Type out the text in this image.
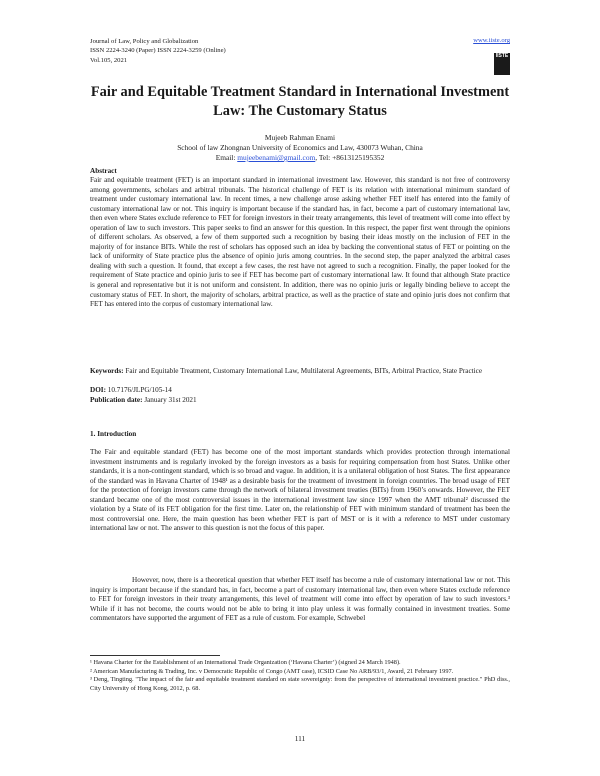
Journal of Law, Policy and Globalization
ISSN 2224-3240 (Paper) ISSN 2224-3259 (Online)
Vol.105, 2021
www.iiste.org
IISTE
Fair and Equitable Treatment Standard in International Investment Law: The Customary Status
Mujeeb Rahman Enami
School of law Zhongnan University of Economics and Law, 430073 Wuhan, China
Email: mujeebenami@gmail.com, Tel: +8613125195352
Abstract

Fair and equitable treatment (FET) is an important standard in international investment law. However, this standard is not free of controversy among governments, scholars and arbitral tribunals. The historical challenge of FET is its relation with international minimum standard of treatment under customary international law. In recent times, a new challenge arose asking whether FET itself has entered into the family of customary international law or not. This inquiry is important because if the standard has, in fact, become a part of customary international law, then even where States exclude reference to FET for foreign investors in their treaty arrangements, this level of treatment will come into effect by operation of law to such investors. This paper seeks to find an answer for this question. In this respect, the paper first went through the opinions of different scholars. As observed, a few of them supported such a recognition by basing their ideas mostly on the inclusion of FET in the majority of for instance BITs. While the rest of scholars has opposed such an idea by backing the conventional status of FET or pointing on the lack of uniformity of State practice plus the absence of opinio juris among countries. In the second step, the paper analyzed the arbitral cases dealing with such a question. It found, that except a few cases, the rest have not agreed to such a recognition. Finally, the paper looked for the requirement of State practice and opinio juris to see if FET has become part of customary international law. It found that although State practice is general and representative but it is not uniform and consistent. In addition, there was no opinio juris or legally binding believe to accept the customary status of FET. In short, the majority of scholars, arbitral practice, as well as the practice of state and opinio juris does not confirm that FET has entered into the corpus of customary international law.

Keywords: Fair and Equitable Treatment, Customary International Law, Multilateral Agreements, BITs, Arbitral Practice, State Practice
DOI: 10.7176/JLPG/105-14
Publication date: January 31st 2021
1. Introduction

The Fair and equitable standard (FET) has become one of the most important standards which provides protection through international investment instruments and is regularly invoked by the foreign investors as a basis for requiring compensation from host States. Unlike other standards, it is a non-contingent standard, which is so broad and vague. In addition, it is a unilateral obligation of host States. The first appearance of the standard was in Havana Charter of 1948¹ as a desirable basis for the treatment of investment in foreign countries. The broad usage of FET for the protection of foreign investors came through the network of bilateral investment treaties (BITs) from 1960’s onwards. However, the FET standard became one of the most controversial issues in the international investment law since 1997 when the AMT tribunal² discussed the violation by a State of its FET obligation for the first time. Later on, the relationship of FET with minimum standard of treatment has been the most controversial one. Here, the main question has been whether FET is part of MST or is it with a reference to MST under customary international law or not. The answer to this question is not the focus of this paper.

However, now, there is a theoretical question that whether FET itself has become a rule of customary international law or not. This inquiry is important because if the standard has, in fact, become a part of customary international law, then even where States exclude reference to FET for foreign investors in their treaty arrangements, this level of treatment will come into effect by operation of law to such investors.³ While if it has not become, the courts would not be able to bring it into play unless it was formally contained in investment treaties. Some commentators have supported the argument of FET as a rule of custom. For example, Schwebel

¹ Havana Charter for the Establishment of an International Trade Organization (‘Havana Charter’) (signed 24 March 1948).
² American Manufacturing & Trading, Inc. v Democratic Republic of Congo (AMT case), ICSID Case No ARB/93/1, Award, 21 February 1997.
³ Deng, Tingting. "The impact of the fair and equitable treatment standard on state sovereignty: from the perspective of international investment practice." PhD diss., City University of Hong Kong, 2012, p. 68.
111
